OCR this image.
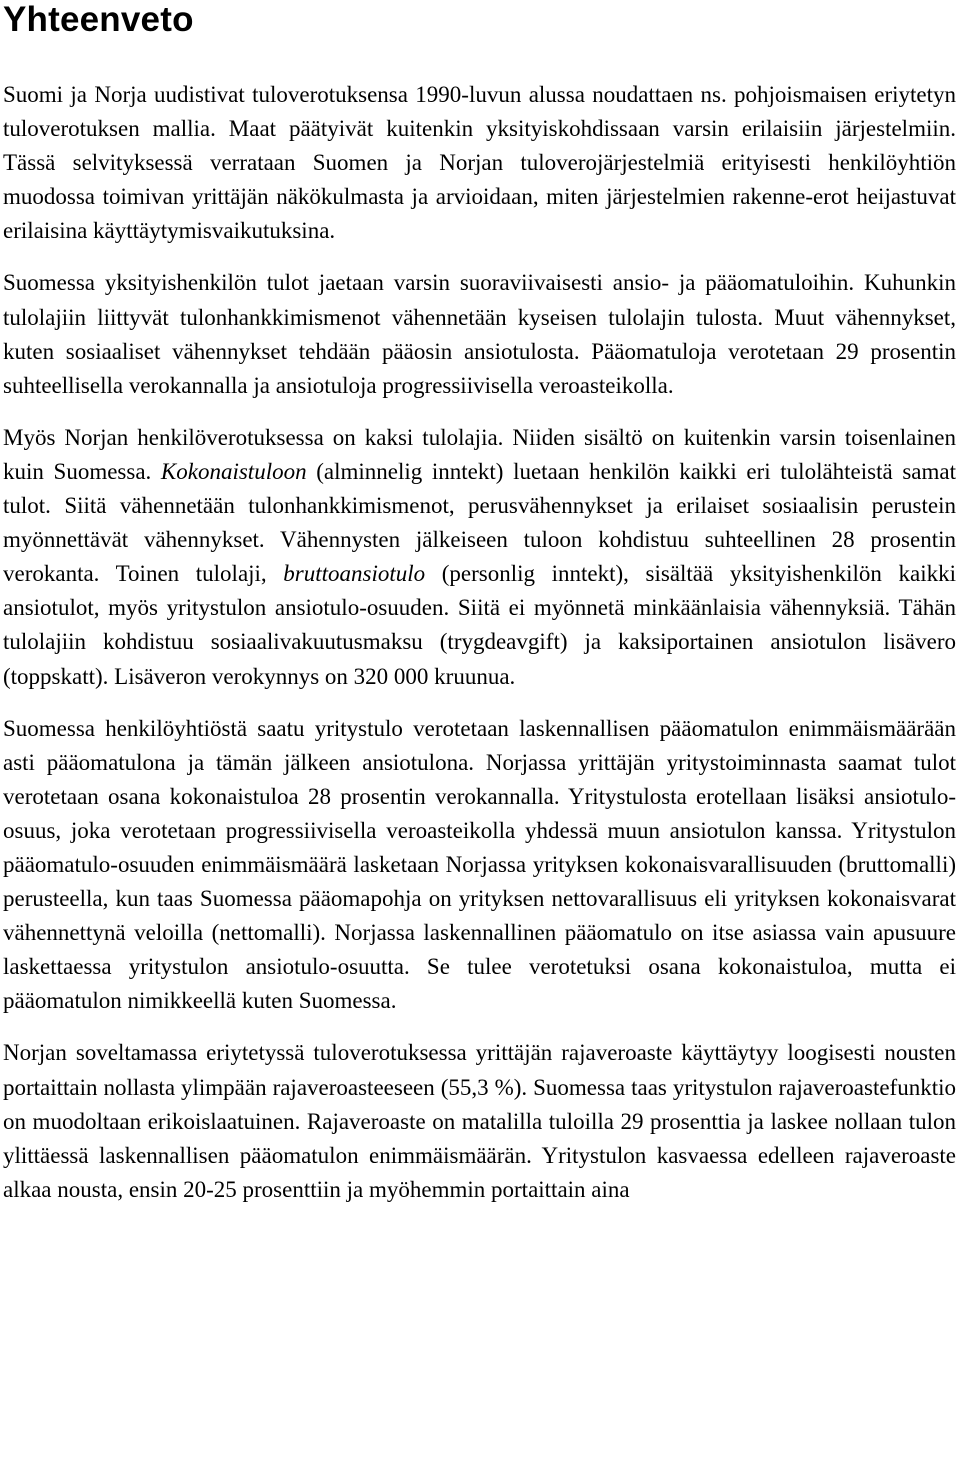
Yhteenveto

Suomi ja Norja uudistivat tuloverotuksensa 1990-luvun alussa noudattaen ns. pohjoismaisen eriytetyn tuloverotuksen mallia. Maat päätyivät kuitenkin yksityiskohdissaan varsin erilaisiin järjestelmiin. Tässä selvityksessä verrataan Suomen ja Norjan tuloverojärjestelmiä erityisesti henkilöyhtiön muodossa toimivan yrittäjän näkökulmasta ja arvioidaan, miten järjestelmien rakenne-erot heijastuvat erilaisina käyttäytymisvaikutuksina.

Suomessa yksityishenkilön tulot jaetaan varsin suoraviivaisesti ansio- ja pääomatuloihin. Kuhunkin tulolajiin liittyvät tulonhankkimismenot vähennetään kyseisen tulolajin tulosta. Muut vähennykset, kuten sosiaaliset vähennykset tehdään pääosin ansiotulosta. Pääomatuloja verotetaan 29 prosentin suhteellisella verokannalla ja ansiotuloja progressiivisella veroasteikolla.

Myös Norjan henkilöverotuksessa on kaksi tulolajia. Niiden sisältö on kuitenkin varsin toisenlainen kuin Suomessa. Kokonaistuloon (alminnelig inntekt) luetaan henkilön kaikki eri tulolähteistä samat tulot. Siitä vähennetään tulonhankkimismenot, perusvähennykset ja erilaiset sosiaalisin perustein myönnettävät vähennykset. Vähennysten jälkeiseen tuloon kohdistuu suhteellinen 28 prosentin verokanta. Toinen tulolaji, bruttoansiotulo (personlig inntekt), sisältää yksityishenkilön kaikki ansiotulot, myös yritystulon ansiotulo-osuuden. Siitä ei myönnetä minkäänlaisia vähennyksiä. Tähän tulolajiin kohdistuu sosiaalivakuutusmaksu (trygdeavgift) ja kaksiportainen ansiotulon lisävero (toppskatt). Lisäveron verokynnys on 320 000 kruunua.

Suomessa henkilöyhtiöstä saatu yritystulo verotetaan laskennallisen pääomatulon enimmäismäärään asti pääomatulona ja tämän jälkeen ansiotulona. Norjassa yrittäjän yritystoiminnasta saamat tulot verotetaan osana kokonaistuloa 28 prosentin verokannalla. Yritystulosta erotellaan lisäksi ansiotulo-osuus, joka verotetaan progressiivisella veroasteikolla yhdessä muun ansiotulon kanssa. Yritystulon pääomatulo-osuuden enimmäismäärä lasketaan Norjassa yrityksen kokonaisvarallisuuden (bruttomalli) perusteella, kun taas Suomessa pääomapohja on yrityksen nettovarallisuus eli yrityksen kokonaisvarat vähennettynä veloilla (nettomalli). Norjassa laskennallinen pääomatulo on itse asiassa vain apusuure laskettaessa yritystulon ansiotulo-osuutta. Se tulee verotetuksi osana kokonaistuloa, mutta ei pääomatulon nimikkeellä kuten Suomessa.

Norjan soveltamassa eriytetyssä tuloverotuksessa yrittäjän rajaveroaste käyttäytyy loogisesti nousten portaittain nollasta ylimpään rajaveroasteeseen (55,3 %). Suomessa taas yritystulon rajaveroastefunktio on muodoltaan erikoislaatuinen. Rajaveroaste on matalilla tuloilla 29 prosenttia ja laskee nollaan tulon ylittäessä laskennallisen pääomatulon enimmäismäärän. Yritystulon kasvaessa edelleen rajaveroaste alkaa nousta, ensin 20-25 prosenttiin ja myöhemmin portaittain aina
